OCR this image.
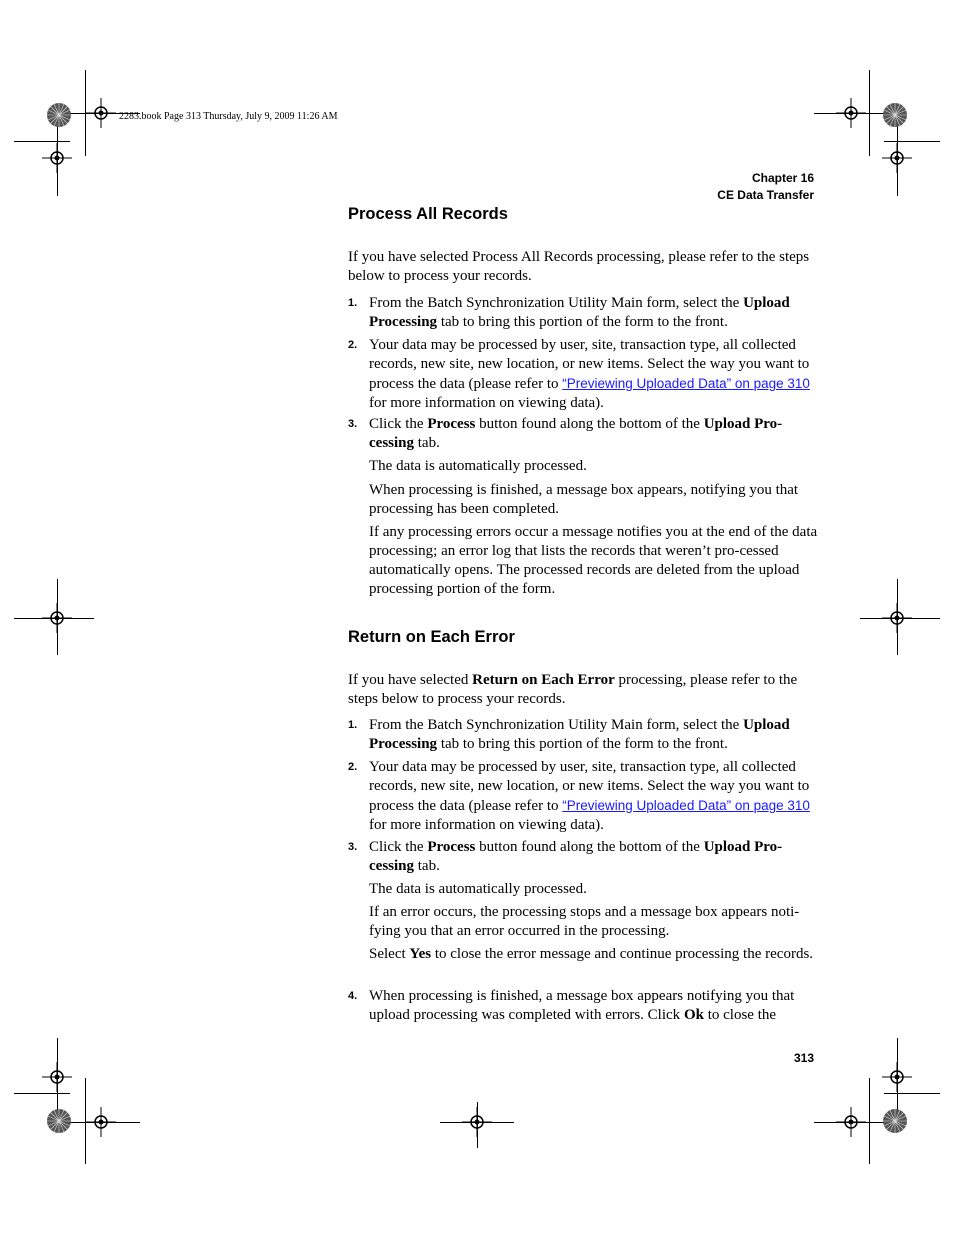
2283.book Page 313 Thursday, July 9, 2009 11:26 AM
Chapter 16
CE Data Transfer
Process All Records
If you have selected Process All Records processing, please refer to the steps below to process your records.
1. From the Batch Synchronization Utility Main form, select the Upload Processing tab to bring this portion of the form to the front.
2. Your data may be processed by user, site, transaction type, all collected records, new site, new location, or new items. Select the way you want to process the data (please refer to “Previewing Uploaded Data” on page 310 for more information on viewing data).
3. Click the Process button found along the bottom of the Upload Pro-cessing tab.
The data is automatically processed.
When processing is finished, a message box appears, notifying you that processing has been completed.
If any processing errors occur a message notifies you at the end of the data processing; an error log that lists the records that weren’t pro-cessed automatically opens. The processed records are deleted from the upload processing portion of the form.
Return on Each Error
If you have selected Return on Each Error processing, please refer to the steps below to process your records.
1. From the Batch Synchronization Utility Main form, select the Upload Processing tab to bring this portion of the form to the front.
2. Your data may be processed by user, site, transaction type, all collected records, new site, new location, or new items. Select the way you want to process the data (please refer to “Previewing Uploaded Data” on page 310 for more information on viewing data).
3. Click the Process button found along the bottom of the Upload Pro-cessing tab.
The data is automatically processed.
If an error occurs, the processing stops and a message box appears noti-fying you that an error occurred in the processing.
Select Yes to close the error message and continue processing the records.
4. When processing is finished, a message box appears notifying you that upload processing was completed with errors. Click Ok to close the
313
